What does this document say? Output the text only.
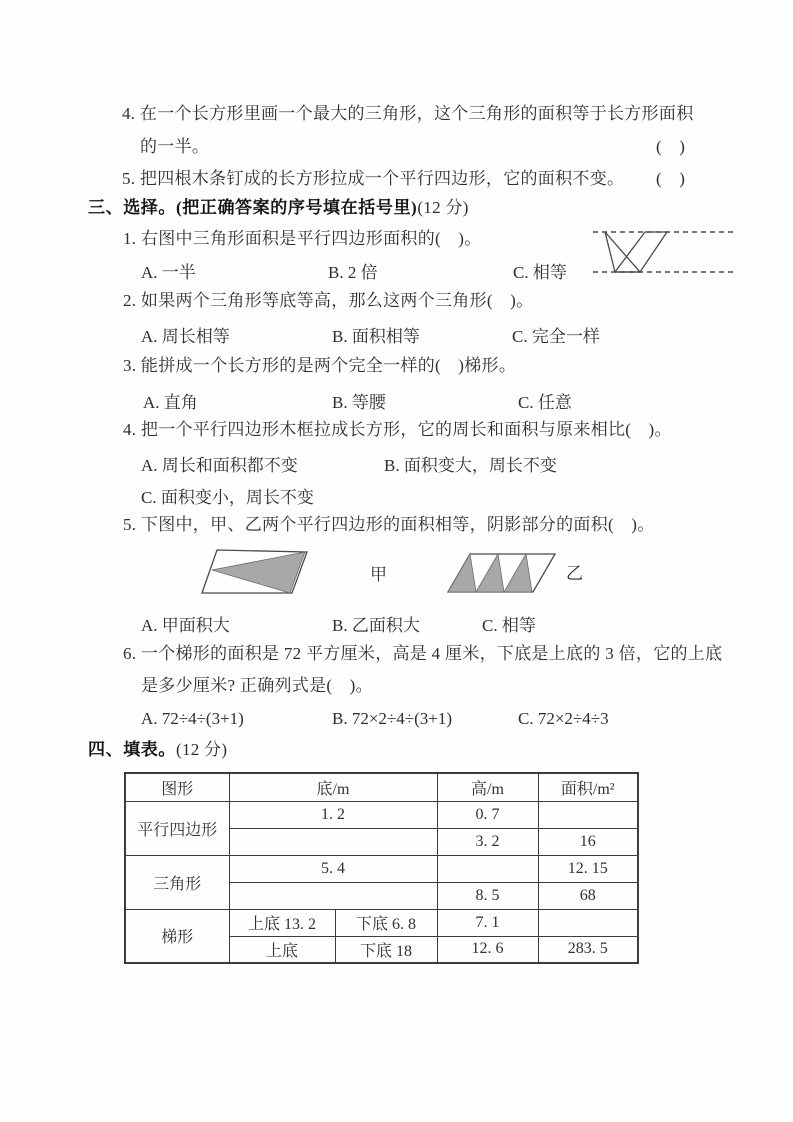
4. 在一个长方形里画一个最大的三角形，这个三角形的面积等于长方形面积
的一半。	(　)
5. 把四根木条钉成的长方形拉成一个平行四边形，它的面积不变。 (　)
三、选择。(把正确答案的序号填在括号里)(12 分)
1. 右图中三角形面积是平行四边形面积的(　)。
A. 一半	B. 2 倍	C. 相等
2. 如果两个三角形等底等高，那么这两个三角形(　)。
A. 周长相等	B. 面积相等	C. 完全一样
3. 能拼成一个长方形的是两个完全一样的(　)梯形。
A. 直角	B. 等腰	C. 任意
4. 把一个平行四边形木框拉成长方形，它的周长和面积与原来相比(　)。
A. 周长和面积都不变	B. 面积变大，周长不变
C. 面积变小，周长不变
5. 下图中，甲、乙两个平行四边形的面积相等，阴影部分的面积(　)。
甲	乙
A. 甲面积大	B. 乙面积大	C. 相等
6. 一个梯形的面积是 72 平方厘米，高是 4 厘米，下底是上底的 3 倍，它的上底
是多少厘米? 正确列式是(　)。
A. 72÷4÷(3+1)	B. 72×2÷4÷(3+1)	C. 72×2÷4÷3
四、填表。(12 分)
图形	底/m		高/m	面积/m²
平行四边形	1. 2		0. 7	
			3. 2	16
三角形	5. 4			12. 15
			8. 5	68
梯形	上底 13. 2	下底 6. 8	7. 1	
	上底	下底 18	12. 6	283. 5
